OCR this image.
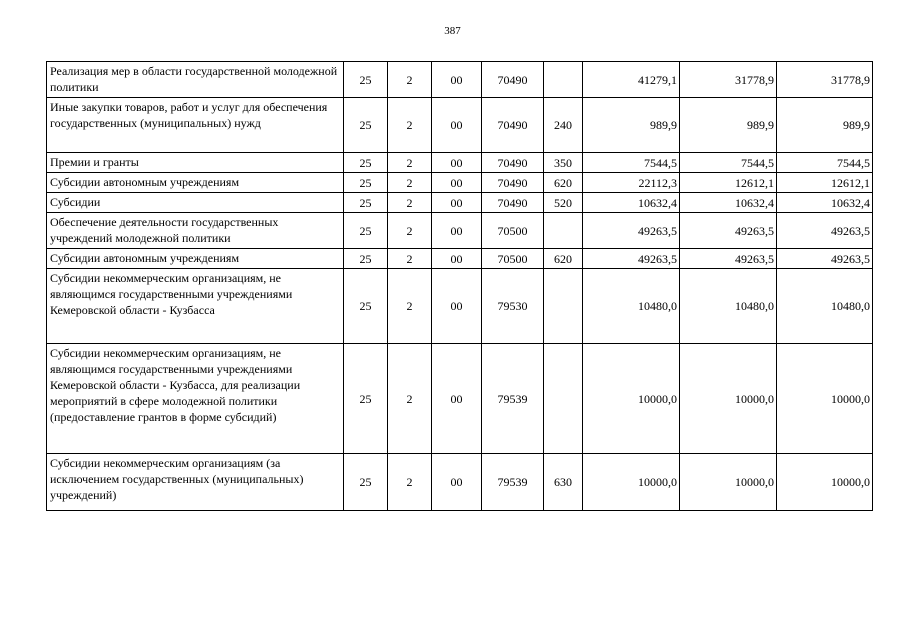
387
Реализация мер в области государственной молодежной политики	25	2	00	70490		41279,1	31778,9	31778,9
Иные закупки товаров, работ и услуг для обеспечения государственных (муниципальных) нужд	25	2	00	70490	240	989,9	989,9	989,9
Премии и гранты	25	2	00	70490	350	7544,5	7544,5	7544,5
Субсидии автономным учреждениям	25	2	00	70490	620	22112,3	12612,1	12612,1
Субсидии	25	2	00	70490	520	10632,4	10632,4	10632,4
Обеспечение деятельности государственных учреждений молодежной политики	25	2	00	70500		49263,5	49263,5	49263,5
Субсидии автономным учреждениям	25	2	00	70500	620	49263,5	49263,5	49263,5
Субсидии некоммерческим организациям, не являющимся государственными учреждениями Кемеровской области - Кузбасса	25	2	00	79530		10480,0	10480,0	10480,0
Субсидии некоммерческим организациям, не являющимся государственными учреждениями Кемеровской области - Кузбасса, для реализации мероприятий в сфере молодежной политики (предоставление грантов в форме субсидий)	25	2	00	79539		10000,0	10000,0	10000,0
Субсидии некоммерческим организациям (за исключением государственных (муниципальных) учреждений)	25	2	00	79539	630	10000,0	10000,0	10000,0
